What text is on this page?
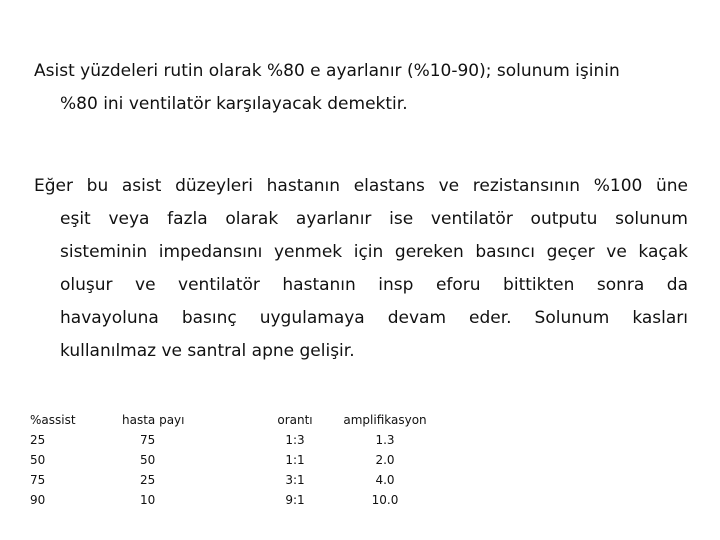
Asist yüzdeleri rutin olarak %80 e ayarlanır (%10-90); solunum işinin
%80 ini ventilatör karşılayacak demektir.
Eğer bu asist düzeyleri hastanın elastans ve rezistansının %100 üne
eşit veya fazla olarak ayarlanır ise ventilatör outputu solunum
sisteminin impedansını yenmek için gereken basıncı geçer ve kaçak
oluşur ve ventilatör hastanın insp eforu bittikten sonra da
havayoluna basınç uygulamaya devam eder. Solunum kasları
kullanılmaz ve santral apne gelişir.
%assist	hasta payı	orantı	amplifikasyon
25	75	1:3	1.3
50	50	1:1	2.0
75	25	3:1	4.0
90	10	9:1	10.0
